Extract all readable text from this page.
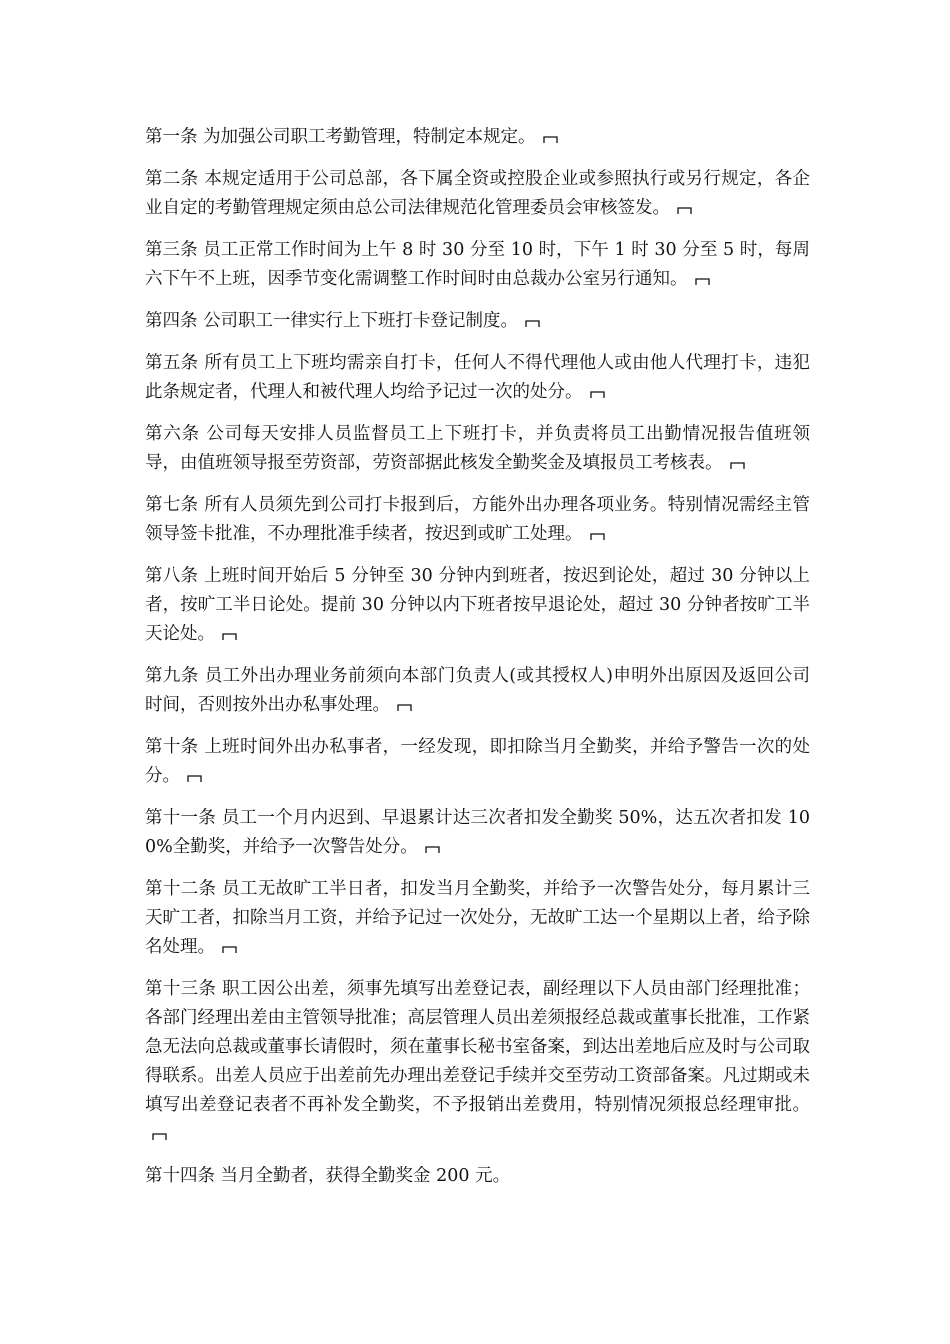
第一条 为加强公司职工考勤管理，特制定本规定。

第二条 本规定适用于公司总部，各下属全资或控股企业或参照执行或另行规定，各企业自定的考勤管理规定须由总公司法律规范化管理委员会审核签发。

第三条 员工正常工作时间为上午 8 时 30 分至 10 时，下午 1 时 30 分至 5 时，每周六下午不上班，因季节变化需调整工作时间时由总裁办公室另行通知。

第四条 公司职工一律实行上下班打卡登记制度。

第五条 所有员工上下班均需亲自打卡，任何人不得代理他人或由他人代理打卡，违犯此条规定者，代理人和被代理人均给予记过一次的处分。

第六条 公司每天安排人员监督员工上下班打卡，并负责将员工出勤情况报告值班领导，由值班领导报至劳资部，劳资部据此核发全勤奖金及填报员工考核表。

第七条 所有人员须先到公司打卡报到后，方能外出办理各项业务。特别情况需经主管领导签卡批准，不办理批准手续者，按迟到或旷工处理。

第八条 上班时间开始后 5 分钟至 30 分钟内到班者，按迟到论处，超过 30 分钟以上者，按旷工半日论处。提前 30 分钟以内下班者按早退论处，超过 30 分钟者按旷工半天论处。

第九条 员工外出办理业务前须向本部门负责人(或其授权人)申明外出原因及返回公司时间，否则按外出办私事处理。

第十条 上班时间外出办私事者，一经发现，即扣除当月全勤奖，并给予警告一次的处分。

第十一条 员工一个月内迟到、早退累计达三次者扣发全勤奖 50%，达五次者扣发 100%全勤奖，并给予一次警告处分。

第十二条 员工无故旷工半日者，扣发当月全勤奖，并给予一次警告处分，每月累计三天旷工者，扣除当月工资，并给予记过一次处分，无故旷工达一个星期以上者，给予除名处理。

第十三条 职工因公出差，须事先填写出差登记表，副经理以下人员由部门经理批准；各部门经理出差由主管领导批准；高层管理人员出差须报经总裁或董事长批准，工作紧急无法向总裁或董事长请假时，须在董事长秘书室备案，到达出差地后应及时与公司取得联系。出差人员应于出差前先办理出差登记手续并交至劳动工资部备案。凡过期或未填写出差登记表者不再补发全勤奖，不予报销出差费用，特别情况须报总经理审批。

第十四条 当月全勤者，获得全勤奖金 200 元。
